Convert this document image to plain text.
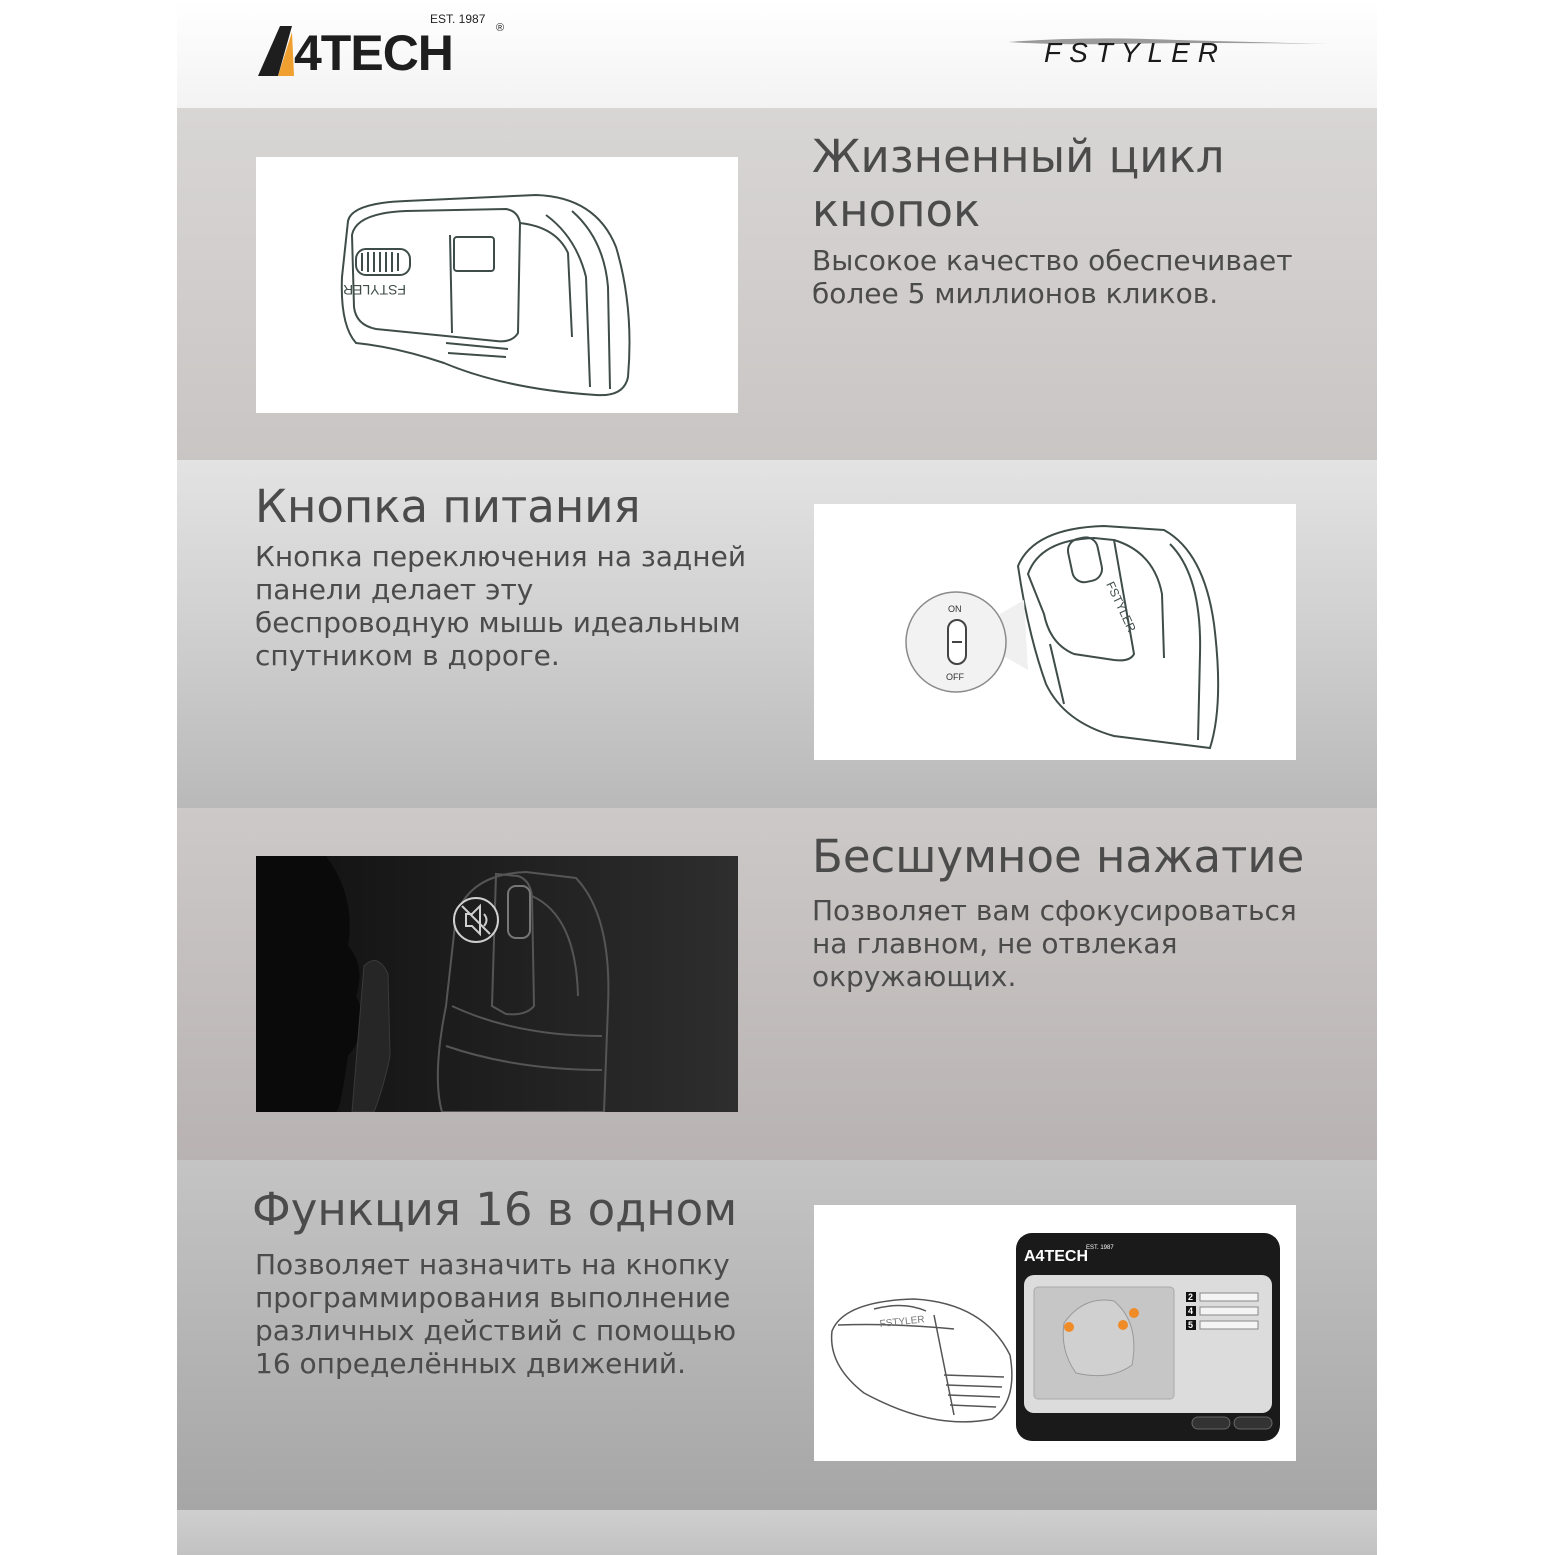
EST. 1987
®
4TECH	FSTYLER
FSTYLER
Жизненный цикл
кнопок

Высокое качество обеспечивает более 5 миллионов кликов.

Кнопка питания

Кнопка переключения на задней панели делает эту беспроводную мышь идеальным спутником в дороге.

ON
OFF
FSTYLER
Бесшумное нажатие

Позволяет вам сфокусироваться на главном, не отвлекая окружающих.

Функция 16 в одном

Позволяет назначить на кнопку программирования выполнение различных действий с помощью 16 определённых движений.

FSTYLER
A4TECH
EST. 1987
2
4
5
